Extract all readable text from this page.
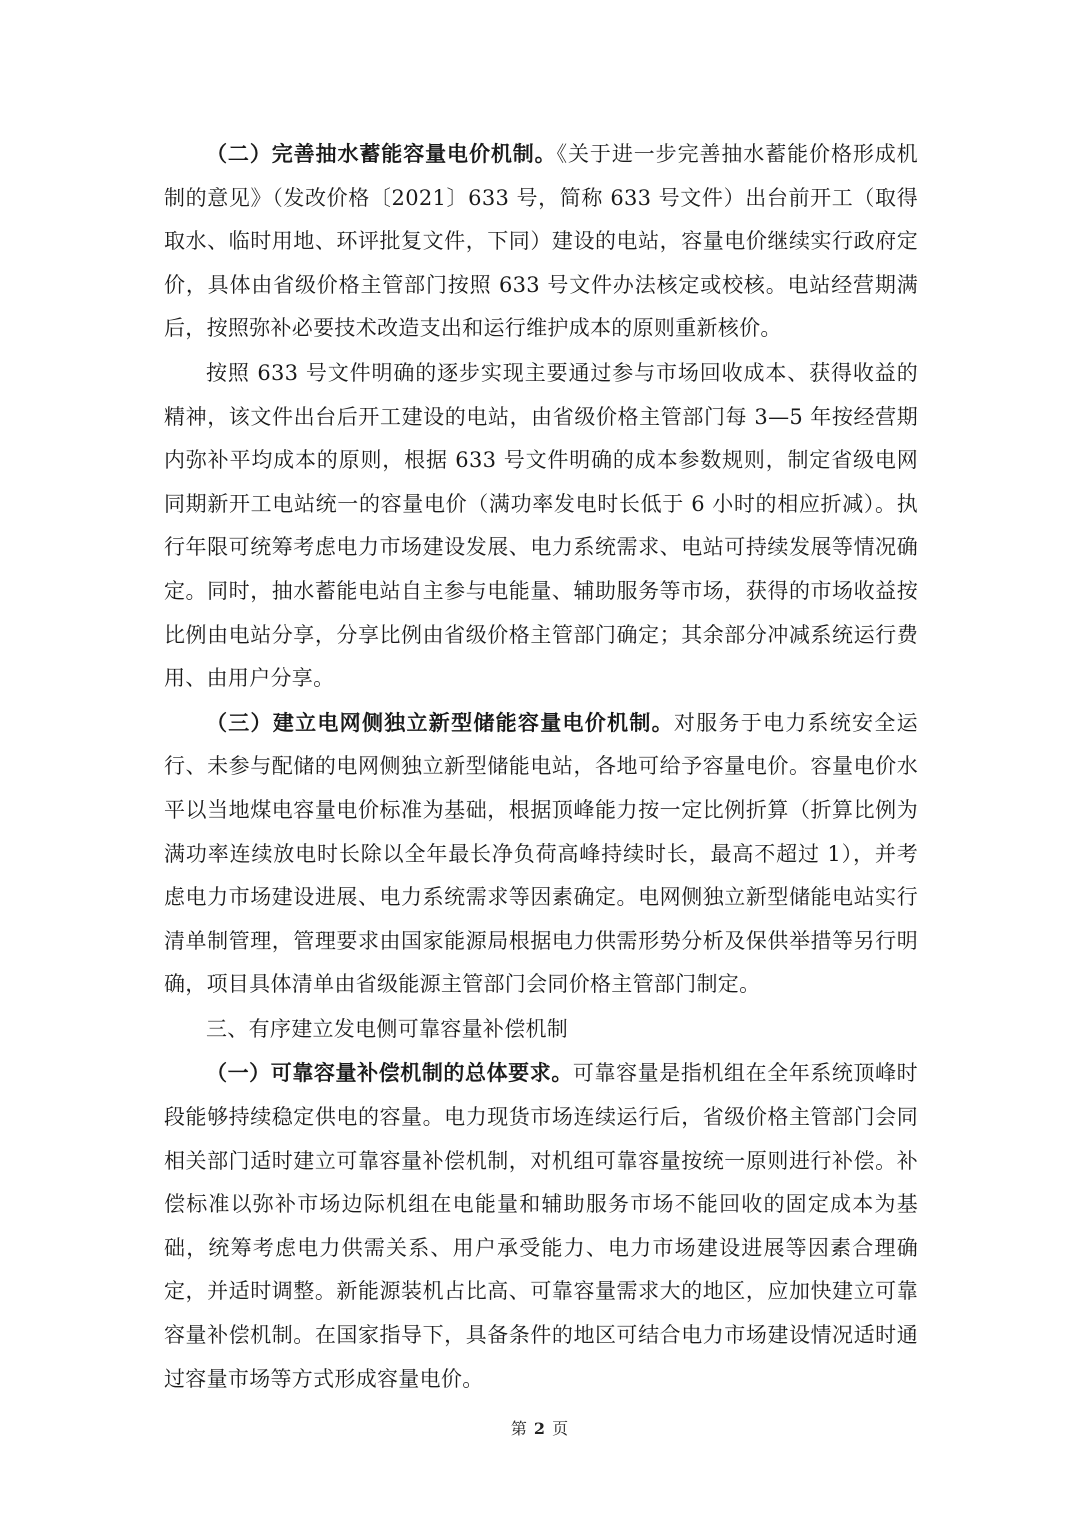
（二）完善抽水蓄能容量电价机制。《关于进一步完善抽水蓄能价格形成机制的意见》（发改价格〔2021〕633 号，简称 633 号文件）出台前开工（取得取水、临时用地、环评批复文件，下同）建设的电站，容量电价继续实行政府定价，具体由省级价格主管部门按照 633 号文件办法核定或校核。电站经营期满后，按照弥补必要技术改造支出和运行维护成本的原则重新核价。

按照 633 号文件明确的逐步实现主要通过参与市场回收成本、获得收益的精神，该文件出台后开工建设的电站，由省级价格主管部门每 3—5 年按经营期内弥补平均成本的原则，根据 633 号文件明确的成本参数规则，制定省级电网同期新开工电站统一的容量电价（满功率发电时长低于 6 小时的相应折减）。执行年限可统筹考虑电力市场建设发展、电力系统需求、电站可持续发展等情况确定。同时，抽水蓄能电站自主参与电能量、辅助服务等市场，获得的市场收益按比例由电站分享，分享比例由省级价格主管部门确定；其余部分冲减系统运行费用、由用户分享。

（三）建立电网侧独立新型储能容量电价机制。对服务于电力系统安全运行、未参与配储的电网侧独立新型储能电站，各地可给予容量电价。容量电价水平以当地煤电容量电价标准为基础，根据顶峰能力按一定比例折算（折算比例为满功率连续放电时长除以全年最长净负荷高峰持续时长，最高不超过 1），并考虑电力市场建设进展、电力系统需求等因素确定。电网侧独立新型储能电站实行清单制管理，管理要求由国家能源局根据电力供需形势分析及保供举措等另行明确，项目具体清单由省级能源主管部门会同价格主管部门制定。

三、有序建立发电侧可靠容量补偿机制

（一）可靠容量补偿机制的总体要求。可靠容量是指机组在全年系统顶峰时段能够持续稳定供电的容量。电力现货市场连续运行后，省级价格主管部门会同相关部门适时建立可靠容量补偿机制，对机组可靠容量按统一原则进行补偿。补偿标准以弥补市场边际机组在电能量和辅助服务市场不能回收的固定成本为基础，统筹考虑电力供需关系、用户承受能力、电力市场建设进展等因素合理确定，并适时调整。新能源装机占比高、可靠容量需求大的地区，应加快建立可靠容量补偿机制。在国家指导下，具备条件的地区可结合电力市场建设情况适时通过容量市场等方式形成容量电价。

第 2 页
